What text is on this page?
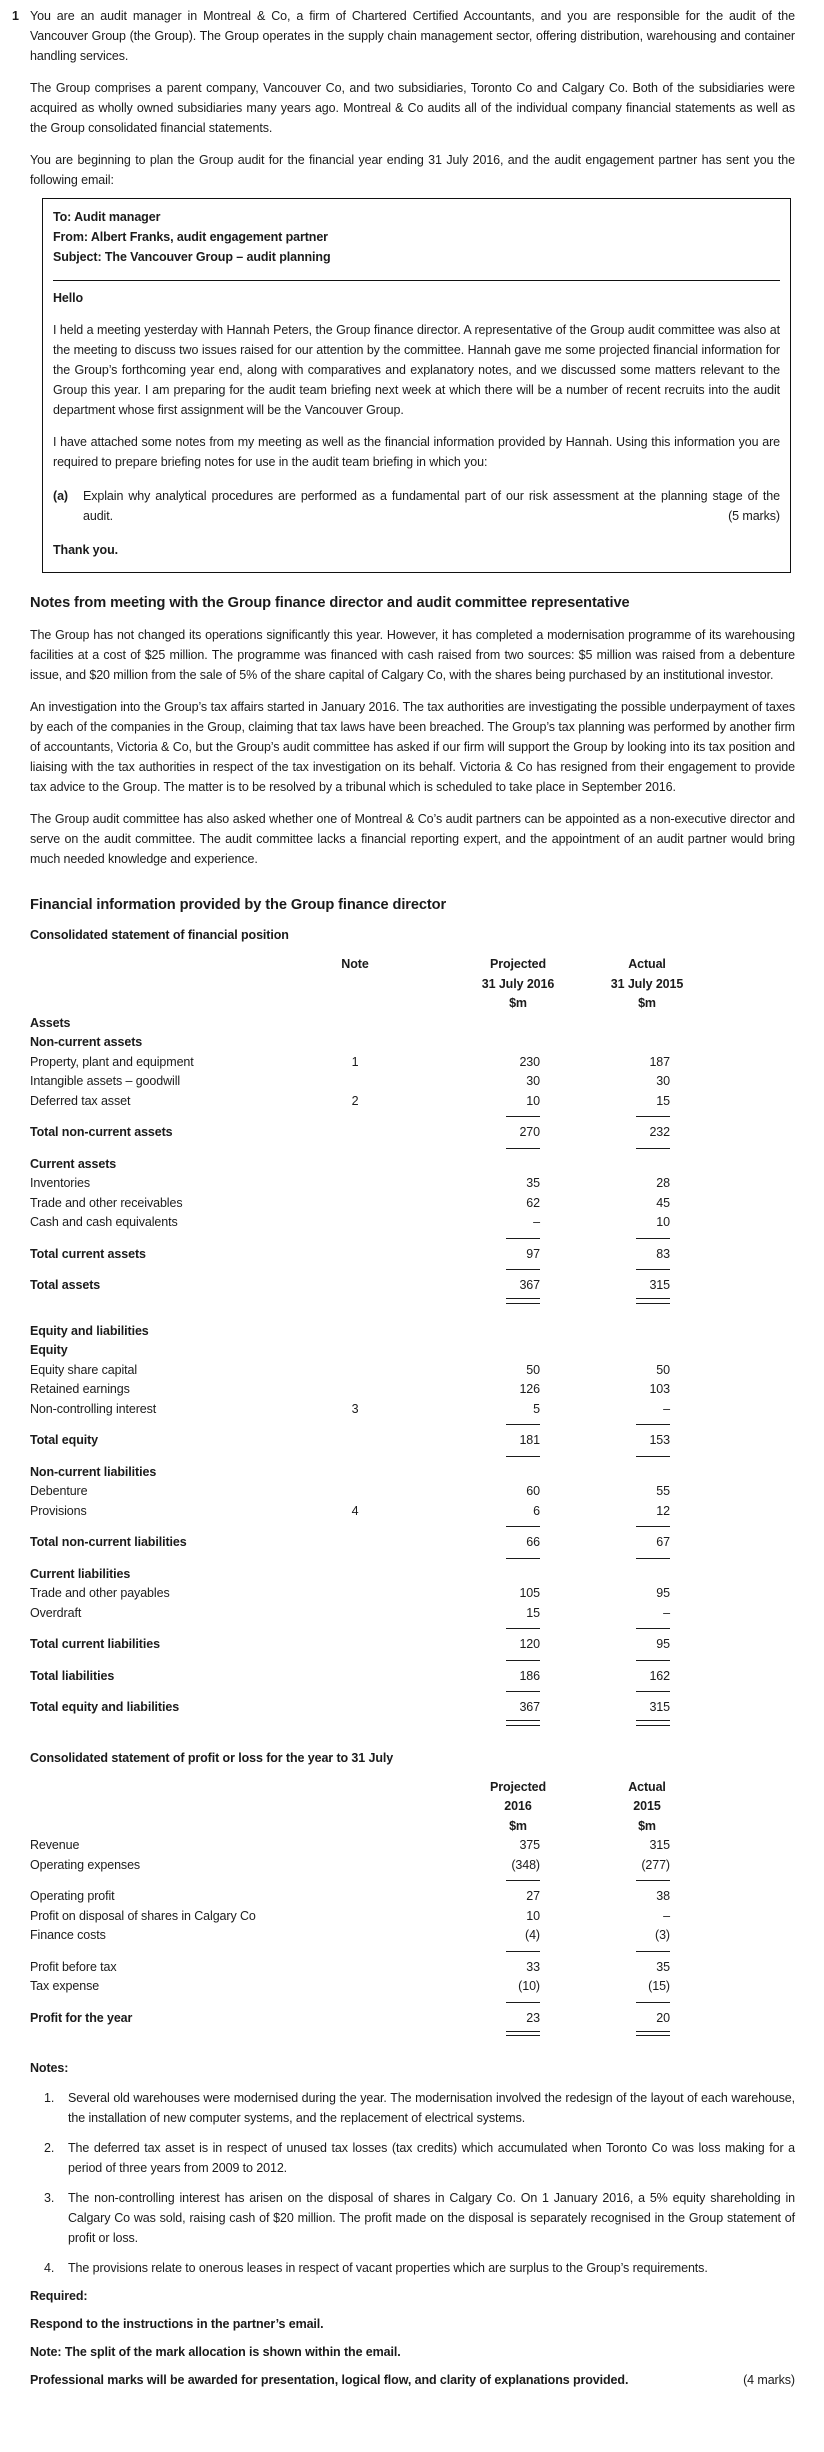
1 You are an audit manager in Montreal & Co, a firm of Chartered Certified Accountants, and you are responsible for the audit of the Vancouver Group (the Group). The Group operates in the supply chain management sector, offering distribution, warehousing and container handling services.

The Group comprises a parent company, Vancouver Co, and two subsidiaries, Toronto Co and Calgary Co. Both of the subsidiaries were acquired as wholly owned subsidiaries many years ago. Montreal & Co audits all of the individual company financial statements as well as the Group consolidated financial statements.

You are beginning to plan the Group audit for the financial year ending 31 July 2016, and the audit engagement partner has sent you the following email:

To: Audit manager

From: Albert Franks, audit engagement partner

Subject: The Vancouver Group – audit planning

Hello

I held a meeting yesterday with Hannah Peters, the Group finance director. A representative of the Group audit committee was also at the meeting to discuss two issues raised for our attention by the committee. Hannah gave me some projected financial information for the Group’s forthcoming year end, along with comparatives and explanatory notes, and we discussed some matters relevant to the Group this year. I am preparing for the audit team briefing next week at which there will be a number of recent recruits into the audit department whose first assignment will be the Vancouver Group.

I have attached some notes from my meeting as well as the financial information provided by Hannah. Using this information you are required to prepare briefing notes for use in the audit team briefing in which you:

(a)	Explain why analytical procedures are performed as a fundamental part of our risk assessment at the planning stage of the audit.	(5 marks)

Thank you.

Notes from meeting with the Group finance director and audit committee representative

The Group has not changed its operations significantly this year. However, it has completed a modernisation programme of its warehousing facilities at a cost of $25 million. The programme was financed with cash raised from two sources: $5 million was raised from a debenture issue, and $20 million from the sale of 5% of the share capital of Calgary Co, with the shares being purchased by an institutional investor.

An investigation into the Group’s tax affairs started in January 2016. The tax authorities are investigating the possible underpayment of taxes by each of the companies in the Group, claiming that tax laws have been breached. The Group’s tax planning was performed by another firm of accountants, Victoria & Co, but the Group’s audit committee has asked if our firm will support the Group by looking into its tax position and liaising with the tax authorities in respect of the tax investigation on its behalf. Victoria & Co has resigned from their engagement to provide tax advice to the Group. The matter is to be resolved by a tribunal which is scheduled to take place in September 2016.

The Group audit committee has also asked whether one of Montreal & Co’s audit partners can be appointed as a non-executive director and serve on the audit committee. The audit committee lacks a financial reporting expert, and the appointment of an audit partner would bring much needed knowledge and experience.

Financial information provided by the Group finance director
Consolidated statement of financial position
Note	Projected	Actual
31 July 2016	31 July 2015
$m	$m
Assets
Non-current assets
Property, plant and equipment	1	230	187
Intangible assets – goodwill	30	30
Deferred tax asset	2	10	15
Total non-current assets	270	232
Current assets
Inventories	35	28
Trade and other receivables	62	45
Cash and cash equivalents	–	10
Total current assets	97	83
Total assets	367	315
Equity and liabilities
Equity
Equity share capital	50	50
Retained earnings	126	103
Non-controlling interest	3	5	–
Total equity	181	153
Non-current liabilities
Debenture	60	55
Provisions	4	6	12
Total non-current liabilities	66	67
Current liabilities
Trade and other payables	105	95
Overdraft	15	–
Total current liabilities	120	95
Total liabilities	186	162
Total equity and liabilities	367	315
Consolidated statement of profit or loss for the year to 31 July
Projected	Actual
2016	2015
$m	$m
Revenue	375	315
Operating expenses	(348)	(277)
Operating profit	27	38
Profit on disposal of shares in Calgary Co	10	–
Finance costs	(4)	(3)
Profit before tax	33	35
Tax expense	(10)	(15)
Profit for the year	23	20
Notes:
1.	Several old warehouses were modernised during the year. The modernisation involved the redesign of the layout of each warehouse, the installation of new computer systems, and the replacement of electrical systems.
2.	The deferred tax asset is in respect of unused tax losses (tax credits) which accumulated when Toronto Co was loss making for a period of three years from 2009 to 2012.
3.	The non-controlling interest has arisen on the disposal of shares in Calgary Co. On 1 January 2016, a 5% equity shareholding in Calgary Co was sold, raising cash of $20 million. The profit made on the disposal is separately recognised in the Group statement of profit or loss.
4.	The provisions relate to onerous leases in respect of vacant properties which are surplus to the Group’s requirements.

Required:

Respond to the instructions in the partner’s email.

Note: The split of the mark allocation is shown within the email.

Professional marks will be awarded for presentation, logical flow, and clarity of explanations provided.	(4 marks)
